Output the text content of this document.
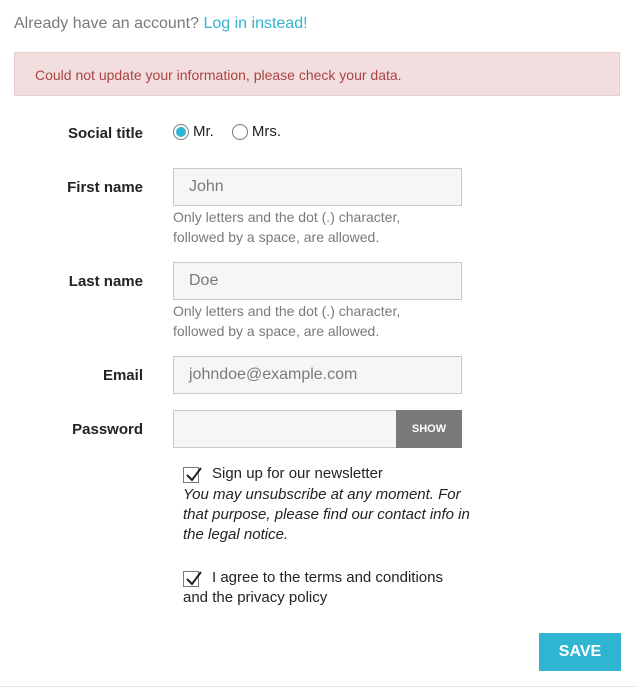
Already have an account? Log in instead!
Could not update your information, please check your data.
Social title	Mr.	Mrs.
First name	John
Only letters and the dot (.) character, followed by a space, are allowed.
Last name	Doe
Only letters and the dot (.) character, followed by a space, are allowed.
Email	johndoe@example.com
Password	SHOW
Sign up for our newsletter
You may unsubscribe at any moment. For that purpose, please find our contact info in the legal notice.
I agree to the terms and conditions
and the privacy policy
SAVE
